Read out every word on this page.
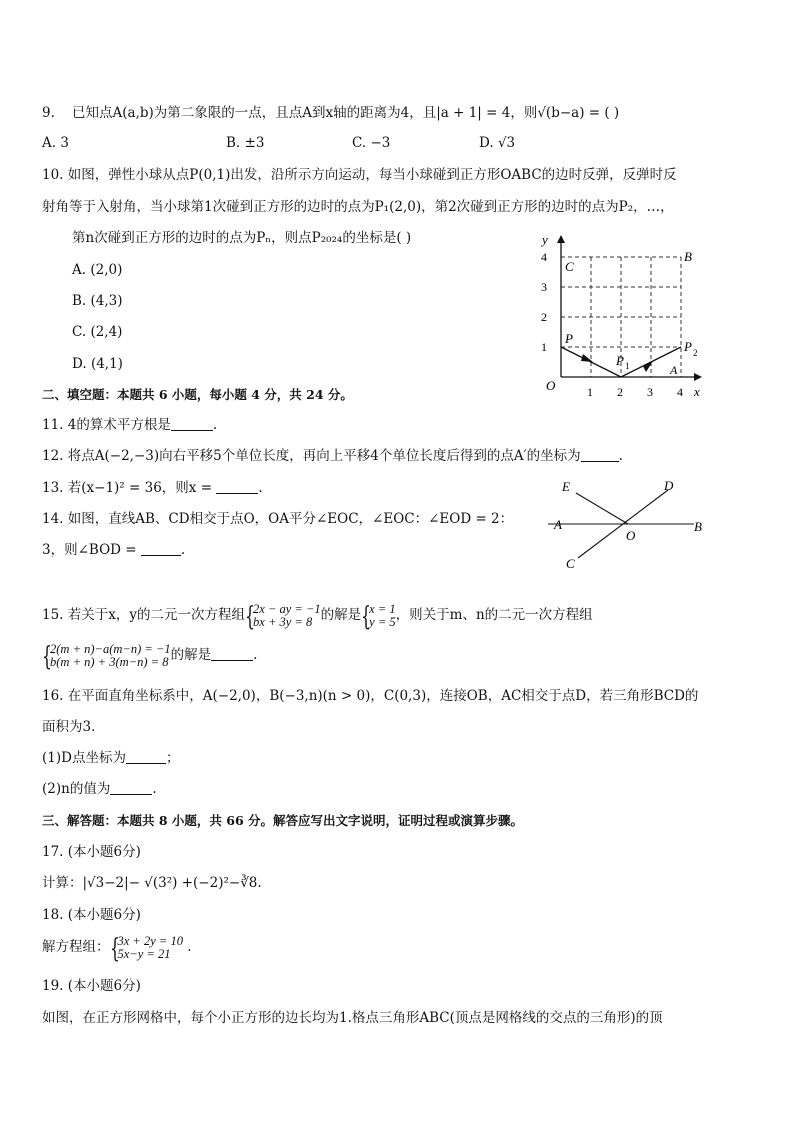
已知点A(a,b)为第二象限的一点，且点A到x轴的距离为4，且|a + 1| = 4，则√(b−a) = ( )
9.
A. 3	B. ±3	C. −3	D. √3
10. 如图，弹性小球从点P(0,1)出发，沿所示方向运动，每当小球碰到正方形OABC的边时反弹，反弹时反
射角等于入射角，当小球第1次碰到正方形的边时的点为P₁(2,0)，第2次碰到正方形的边时的点为P₂，…，
第n次碰到正方形的边时的点为Pₙ，则点P₂₀₂₄的坐标是( )
A. (2,0)
B. (4,3)
C. (2,4)
D. (4,1)
y
x
O	1 2 3 4
1
2
3
4
C
B
A
P
P 1
P 2
二、填空题：本题共 6 小题，每小题 4 分，共 24 分。
11. 4的算术平方根是	.
12. 将点A(−2,−3)向右平移5个单位长度，再向上平移4个单位长度后得到的点A′的坐标为	.
13. 若(x−1)² = 36，则x =	.
14. 如图，直线AB、CD相交于点O，OA平分∠EOC，∠EOC：∠EOD = 2：
3，则∠BOD =	.
E	D
A	B
O
C
15. 若关于x，y的二元一次方程组 { 2x − ay = −1
bx + 3y = 8 的解是 { x = 1
y = 5，则关于m、n的二元一次方程组
{ 2(m + n)−a(m−n) = −1
b(m + n) + 3(m−n) = 8 的解是	.
16. 在平面直角坐标系中，A(−2,0)，B(−3,n)(n > 0)，C(0,3)，连接OB，AC相交于点D，若三角形BCD的
面积为3．
(1)D点坐标为	；
(2)n的值为	.
三、解答题：本题共 8 小题，共 66 分。解答应写出文字说明，证明过程或演算步骤。
17. (本小题6分)
计算：|√3−2|− √(3²) +(−2)²−∛8.
18. (本小题6分)
解方程组： { 3x + 2y = 10
5x−y = 21 .
19. (本小题6分)
如图，在正方形网格中，每个小正方形的边长均为1.格点三角形ABC(顶点是网格线的交点的三角形)的顶
